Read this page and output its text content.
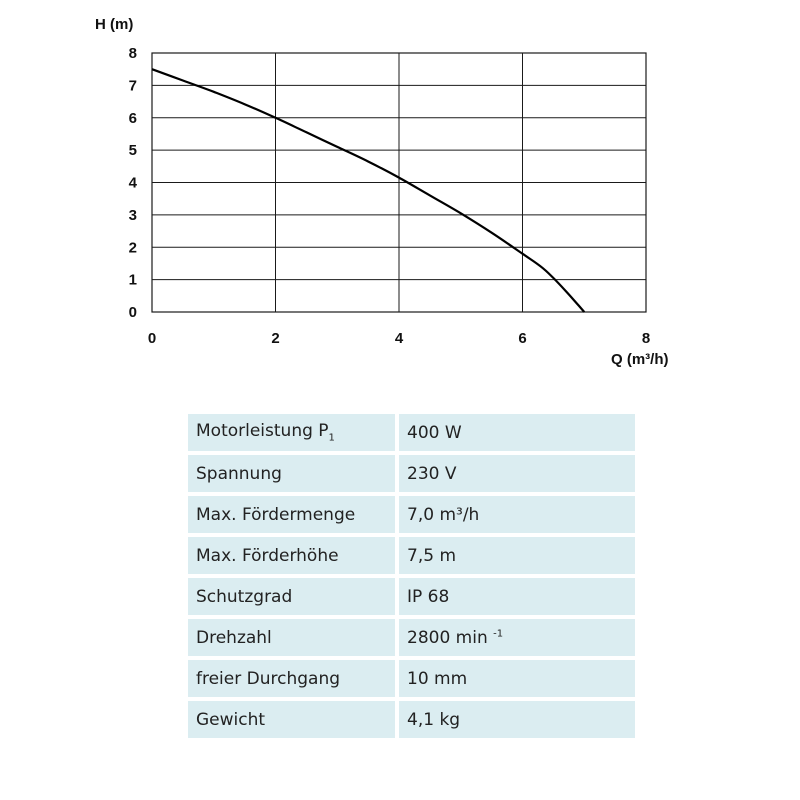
0
1
2
3
4
5
6
7
8
0	2	4	6	8
H (m)
Q (m³/h)
Motorleistung $P_1$	400 W
Spannung	230 V
Max. Fördermenge	7,0 m³/h
Max. Förderhöhe	7,5 m
Schutzgrad	IP 68
Drehzahl	2800 min $^{-1}$
freier Durchgang	10 mm
Gewicht	4,1 kg
